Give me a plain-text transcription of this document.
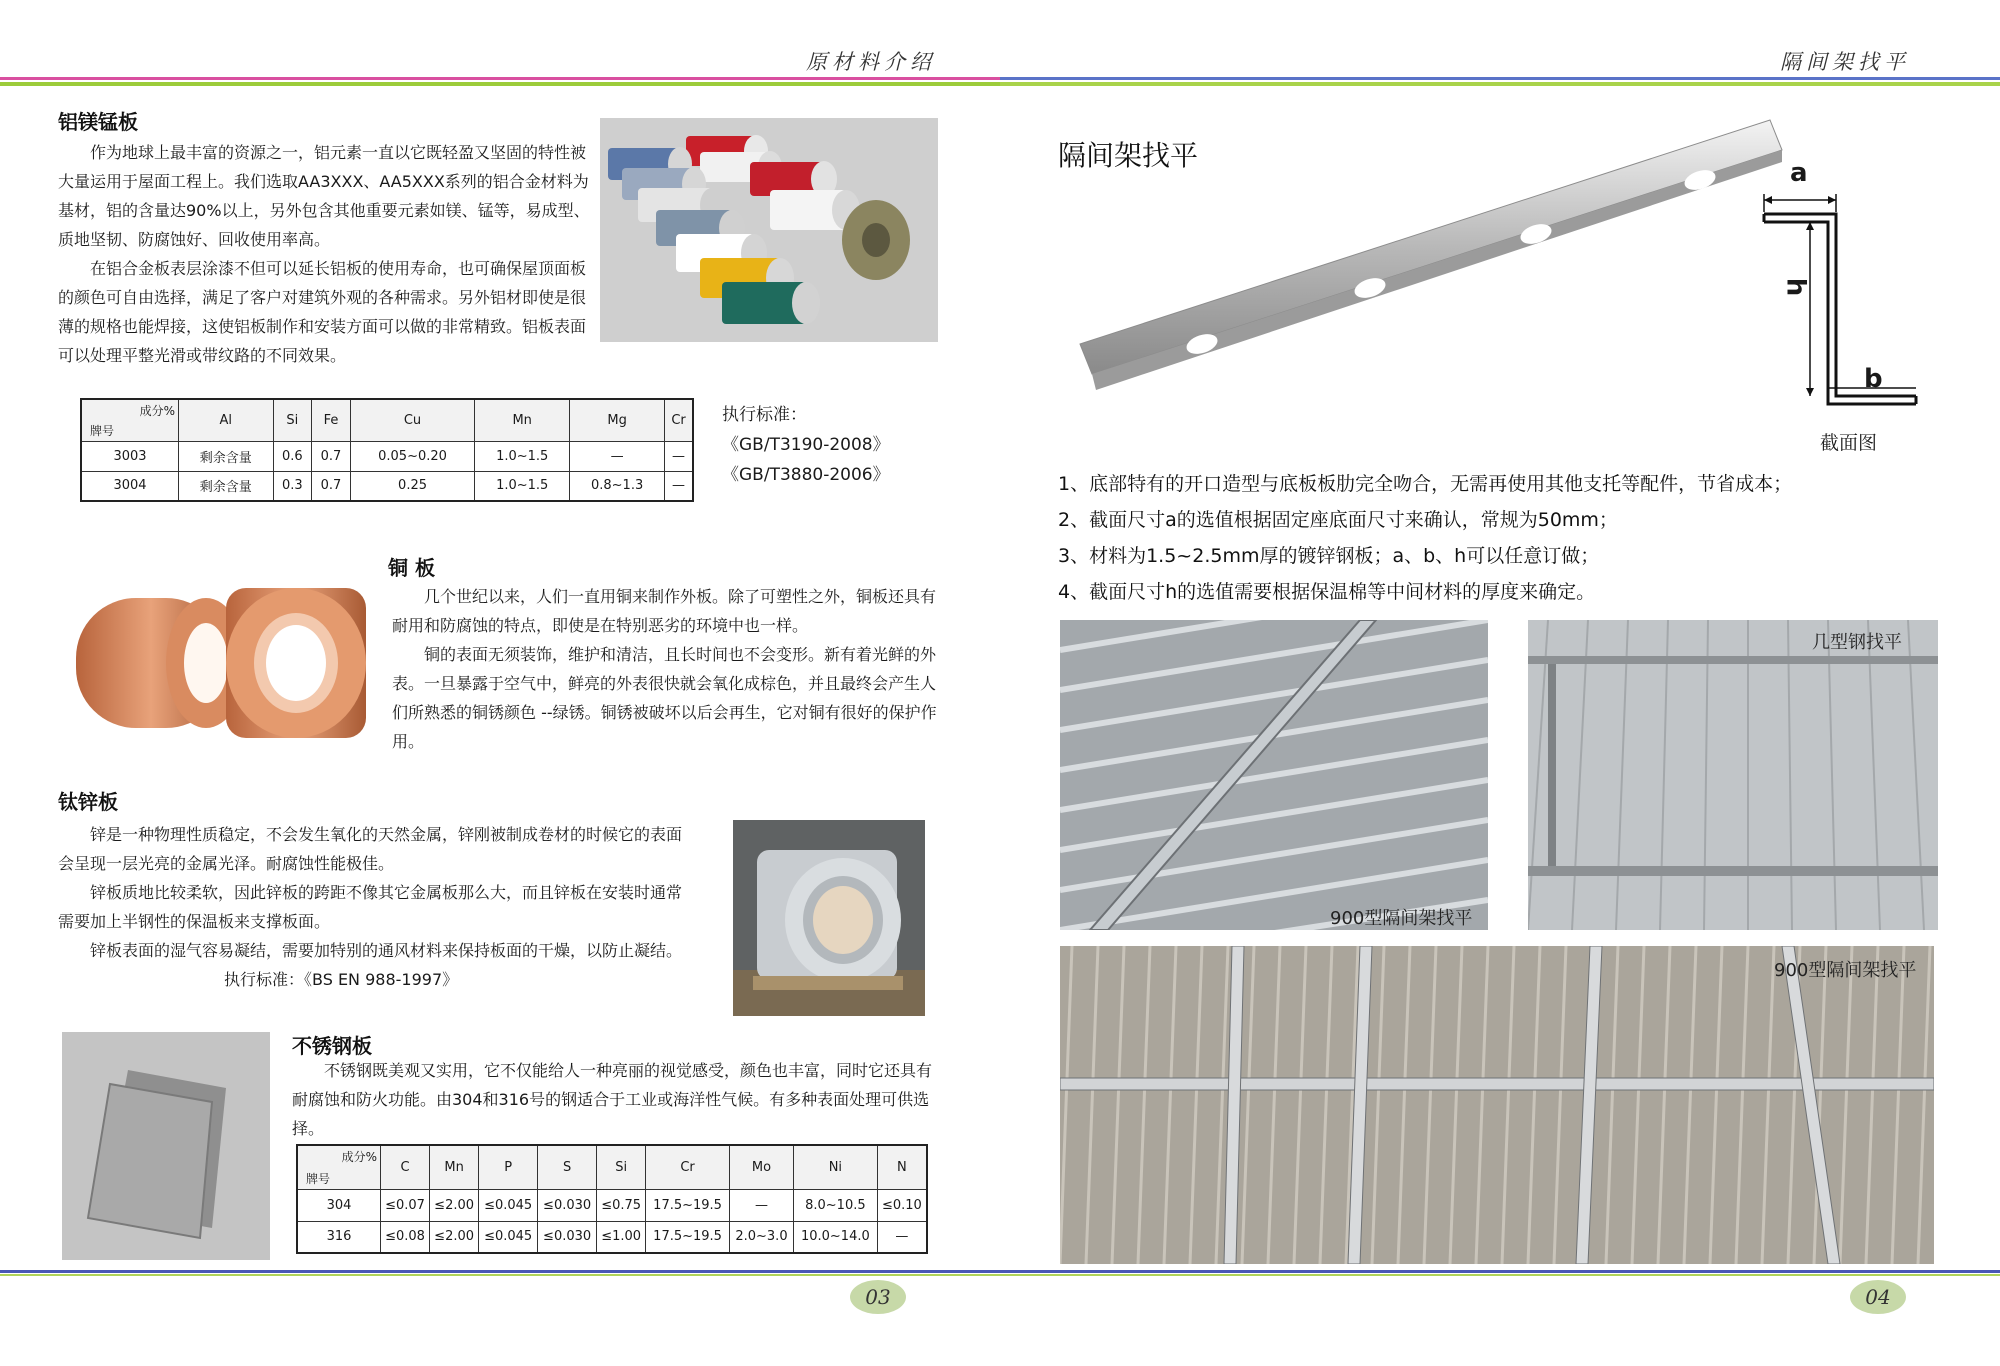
原材料介绍	隔间架找平
铝镁锰板

作为地球上最丰富的资源之一，铝元素一直以它既轻盈又坚固的特性被大量运用于屋面工程上。我们选取AA3XXX、AA5XXX系列的铝合金材料为基材，铝的含量达90%以上，另外包含其他重要元素如镁、锰等，易成型、质地坚韧、防腐蚀好、回收使用率高。

在铝合金板表层涂漆不但可以延长铝板的使用寿命，也可确保屋顶面板的颜色可自由选择，满足了客户对建筑外观的各种需求。另外铝材即使是很薄的规格也能焊接，这使铝板制作和安装方面可以做的非常精致。铝板表面可以处理平整光滑或带纹路的不同效果。

成分%
牌号	Al	Si	Fe	Cu	Mn	Mg	Cr
3003	剩余含量	0.6	0.7	0.05~0.20	1.0~1.5	—	—
3004	剩余含量	0.3	0.7	0.25	1.0~1.5	0.8~1.3	—
执行标准：
《GB/T3190-2008》
《GB/T3880-2006》
铜 板

几个世纪以来，人们一直用铜来制作外板。除了可塑性之外，铜板还具有耐用和防腐蚀的特点，即使是在特别恶劣的环境中也一样。

铜的表面无须装饰，维护和清洁，且长时间也不会变形。新有着光鲜的外表。一旦暴露于空气中，鲜亮的外表很快就会氧化成棕色，并且最终会产生人们所熟悉的铜锈颜色 --绿锈。铜锈被破坏以后会再生，它对铜有很好的保护作用。

钛锌板

锌是一种物理性质稳定，不会发生氧化的天然金属，锌刚被制成卷材的时候它的表面会呈现一层光亮的金属光泽。耐腐蚀性能极佳。

锌板质地比较柔软，因此锌板的跨距不像其它金属板那么大，而且锌板在安装时通常需要加上半钢性的保温板来支撑板面。

锌板表面的湿气容易凝结，需要加特别的通风材料来保持板面的干燥，以防止凝结。

执行标准：《BS EN 988-1997》
不锈钢板

不锈钢既美观又实用，它不仅能给人一种亮丽的视觉感受，颜色也丰富，同时它还具有耐腐蚀和防火功能。由304和316号的钢适合于工业或海洋性气候。有多种表面处理可供选择。

成分%
牌号	C	Mn	P	S	Si	Cr	Mo	Ni	N
304	≤0.07	≤2.00	≤0.045	≤0.030	≤0.75	17.5~19.5	—	8.0~10.5	≤0.10
316	≤0.08	≤2.00	≤0.045	≤0.030	≤1.00	17.5~19.5	2.0~3.0	10.0~14.0	—
隔间架找平
a
h
b
截面图
1、底部特有的开口造型与底板板肋完全吻合，无需再使用其他支托等配件，节省成本；
2、截面尺寸a的选值根据固定座底面尺寸来确认，常规为50mm；
3、材料为1.5~2.5mm厚的镀锌钢板；a、b、h可以任意订做；
4、截面尺寸h的选值需要根据保温棉等中间材料的厚度来确定。
900型隔间架找平
几型钢找平
900型隔间架找平
03	04
